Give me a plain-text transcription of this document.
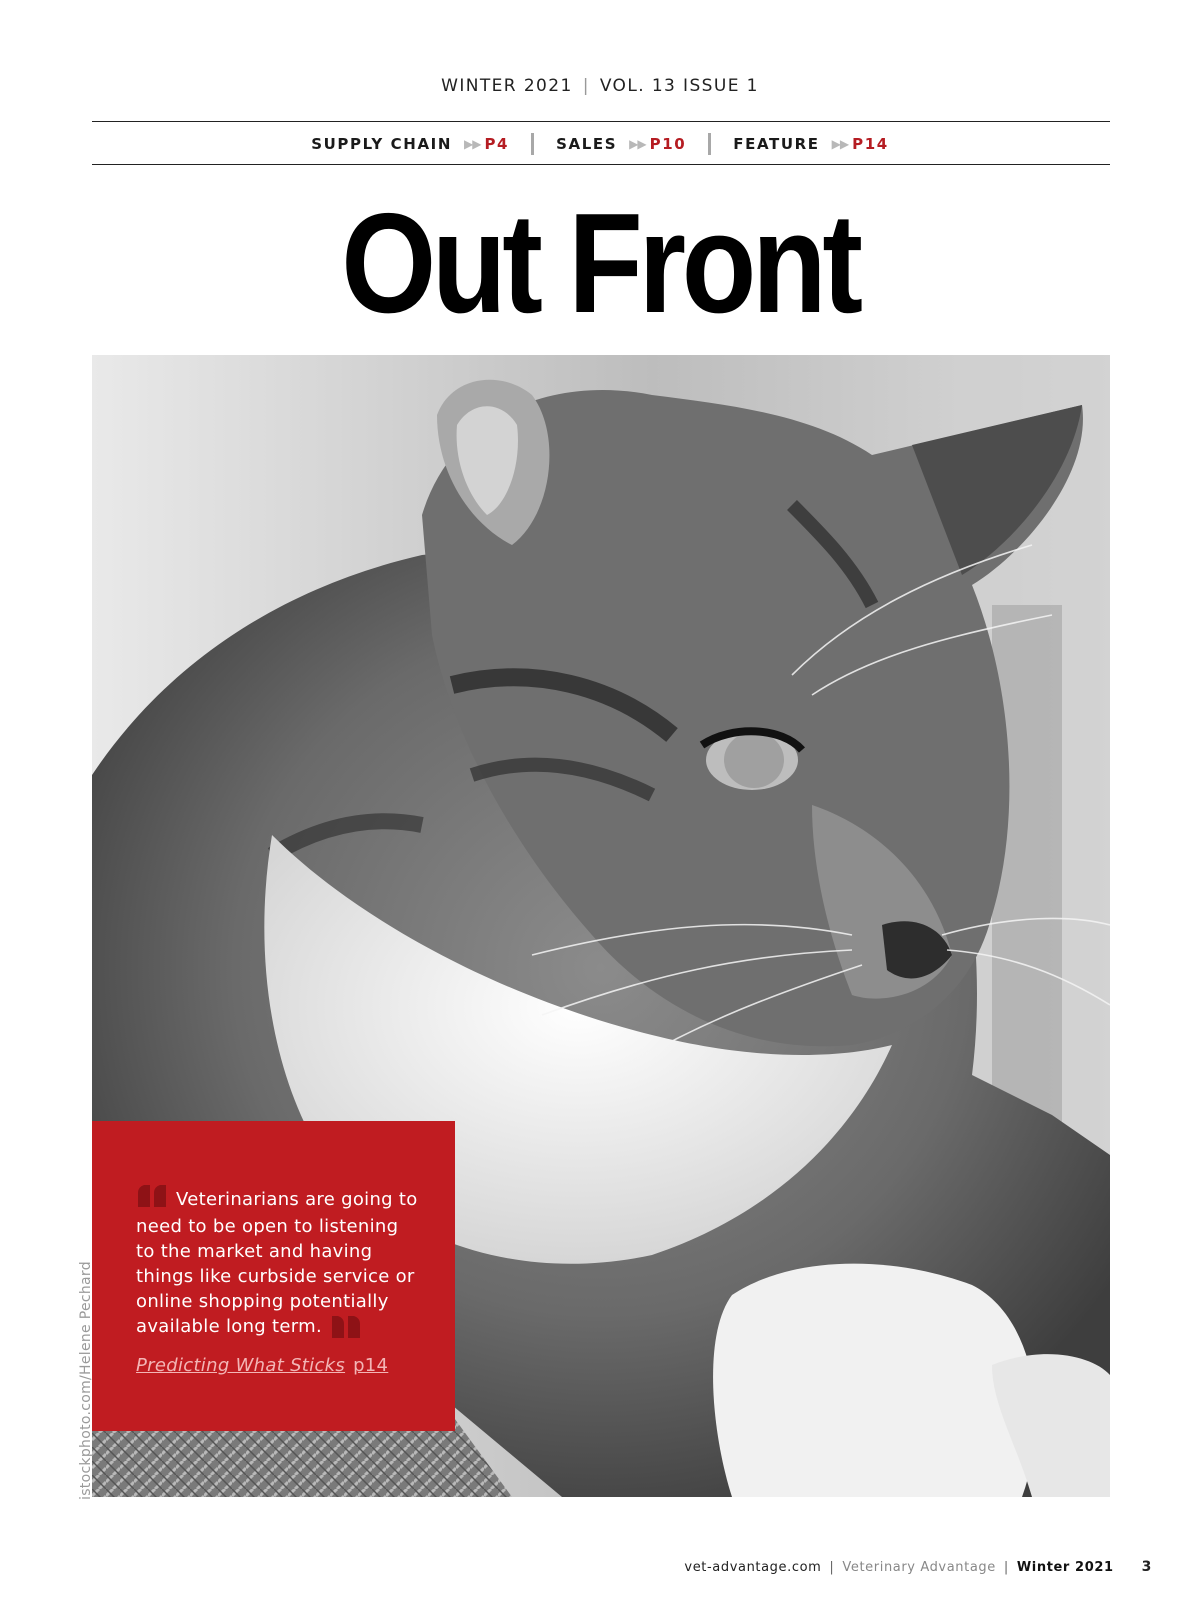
WINTER 2021 | VOL. 13 ISSUE 1
SUPPLY CHAIN ▶▶ P4	SALES ▶▶ P10	FEATURE ▶▶ P14
Out Front
Veterinarians are going to need to be open to listening to the market and having things like curbside service or online shopping potentially available long term.
Predicting What Sticks p14
istockphoto.com/Helene Pechard
vet-advantage.com | Veterinary Advantage | Winter 2021 3
